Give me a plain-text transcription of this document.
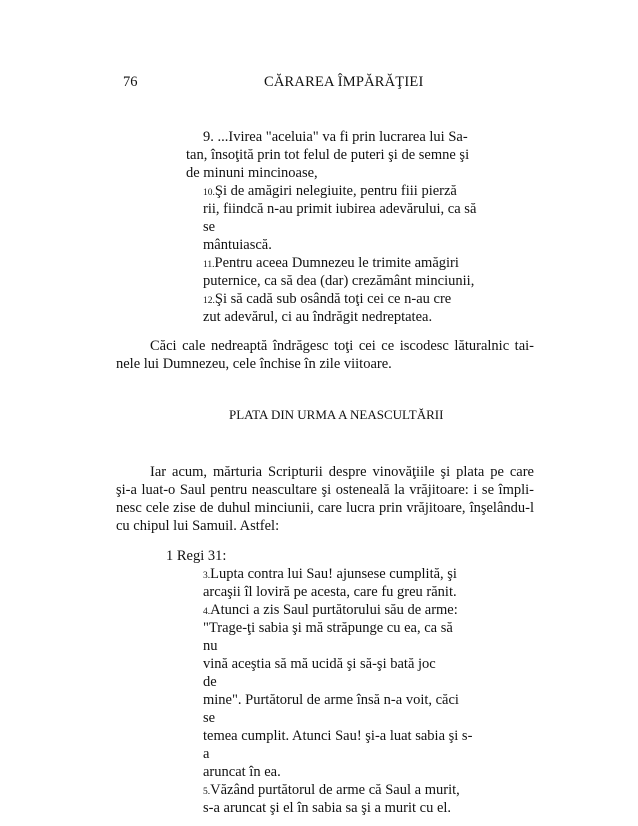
76	CĂRAREA ÎMPĂRĂŢIEI
9. ...Ivirea "aceluia" va fi prin lucrarea lui Sa-
tan, însoţită prin tot felul de puteri şi de semne şi
de minuni mincinoase,
10.Şi de amăgiri nelegiuite, pentru fiii pierză
rii, fiindcă n-au primit iubirea adevărului, ca să
se
mântuiască.
11.Pentru aceea Dumnezeu le trimite amăgiri
puternice, ca să dea (dar) crezământ minciunii,
12.Şi să cadă sub osândă toţi cei ce n-au cre
zut adevărul, ci au îndrăgit nedreptatea.
Căci cale nedreaptă îndrăgesc toţi cei ce iscodesc lăturalnic tai-
nele lui Dumnezeu, cele închise în zile viitoare.
PLATA DIN URMA A NEASCULTĂRII
Iar acum, mărturia Scripturii despre vinovăţiile şi plata pe care
şi-a luat-o Saul pentru neascultare şi osteneală la vrăjitoare: i se împli-
nesc cele zise de duhul minciunii, care lucra prin vrăjitoare, înşelându-l
cu chipul lui Samuil. Astfel:
1 Regi 31:
3.Lupta contra lui Sau! ajunsese cumplită, şi
arcaşii îl loviră pe acesta, care fu greu rănit.
4.Atunci a zis Saul purtătorului său de arme:
"Trage-ţi sabia şi mă străpunge cu ea, ca să
nu
vină aceştia să mă ucidă şi să-şi bată joc
de
mine". Purtătorul de arme însă n-a voit, căci
se
temea cumplit. Atunci Sau! şi-a luat sabia şi s-
a
aruncat în ea.
5.Văzând purtătorul de arme că Saul a murit,
s-a aruncat şi el în sabia sa şi a murit cu el.
